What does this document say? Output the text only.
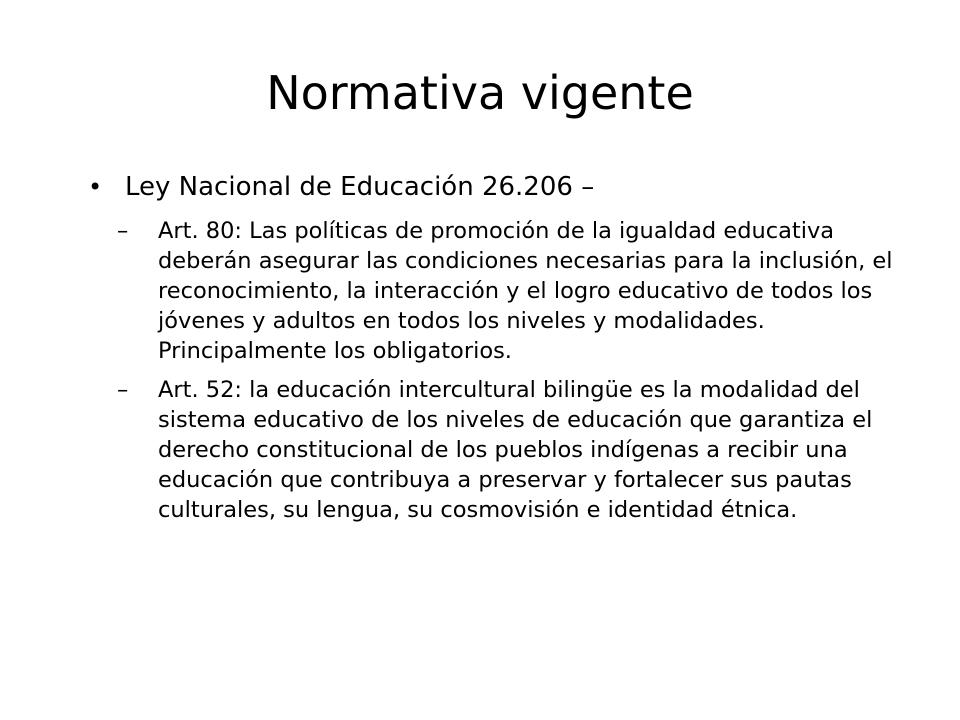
Normativa vigente
• Ley Nacional de Educación 26.206 –
– Art. 80: Las políticas de promoción de la igualdad educativa deberán asegurar las condiciones necesarias para la inclusión, el reconocimiento, la interacción y el logro educativo de todos los jóvenes y adultos en todos los niveles y modalidades. Principalmente los obligatorios.
– Art. 52: la educación intercultural bilingüe es la modalidad del sistema educativo de los niveles de educación que garantiza el derecho constitucional de los pueblos indígenas a recibir una educación que contribuya a preservar y fortalecer sus pautas culturales, su lengua, su cosmovisión e identidad étnica.
